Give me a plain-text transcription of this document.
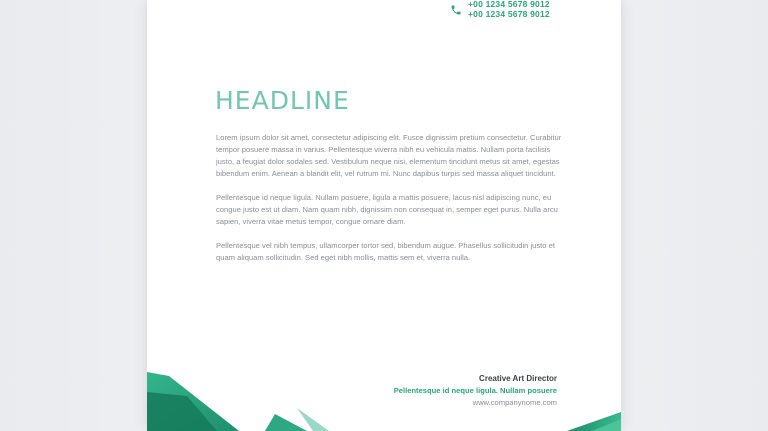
+00 1234 5678 9012
+00 1234 5678 9012
HEADLINE

Lorem ipsum dolor sit amet, consectetur adipiscing elit. Fusce dignissim pretium consectetur. Curabitur tempor posuere massa in varius. Pellentesque viverra nibh eu vehicula mattis. Nullam porta facilisis justo, a feugiat dolor sodales sed. Vestibulum neque nisi, elementum tincidunt metus sit amet, egestas bibendum enim. Aenean a blandit elit, vel rutrum mi. Nunc dapibus turpis sed massa aliquet tincidunt.

Pellentesque id neque ligula. Nullam posuere, ligula a mattis posuere, lacus nisl adipiscing nunc, eu congue justo est ut diam. Nam quam nibh, dignissim non consequat in, semper eget purus. Nulla arcu sapien, viverra vitae metus tempor, congue ornare diam.

Pellentesque vel nibh tempus, ullamcorper tortor sed, bibendum augue. Phasellus sollicitudin justo et quam aliquam sollicitudin. Sed eget nibh mollis, mattis sem et, viverra nulla.

Creative Art Director
Pellentesque id neque ligula. Nullam posuere
www.companynome.com
